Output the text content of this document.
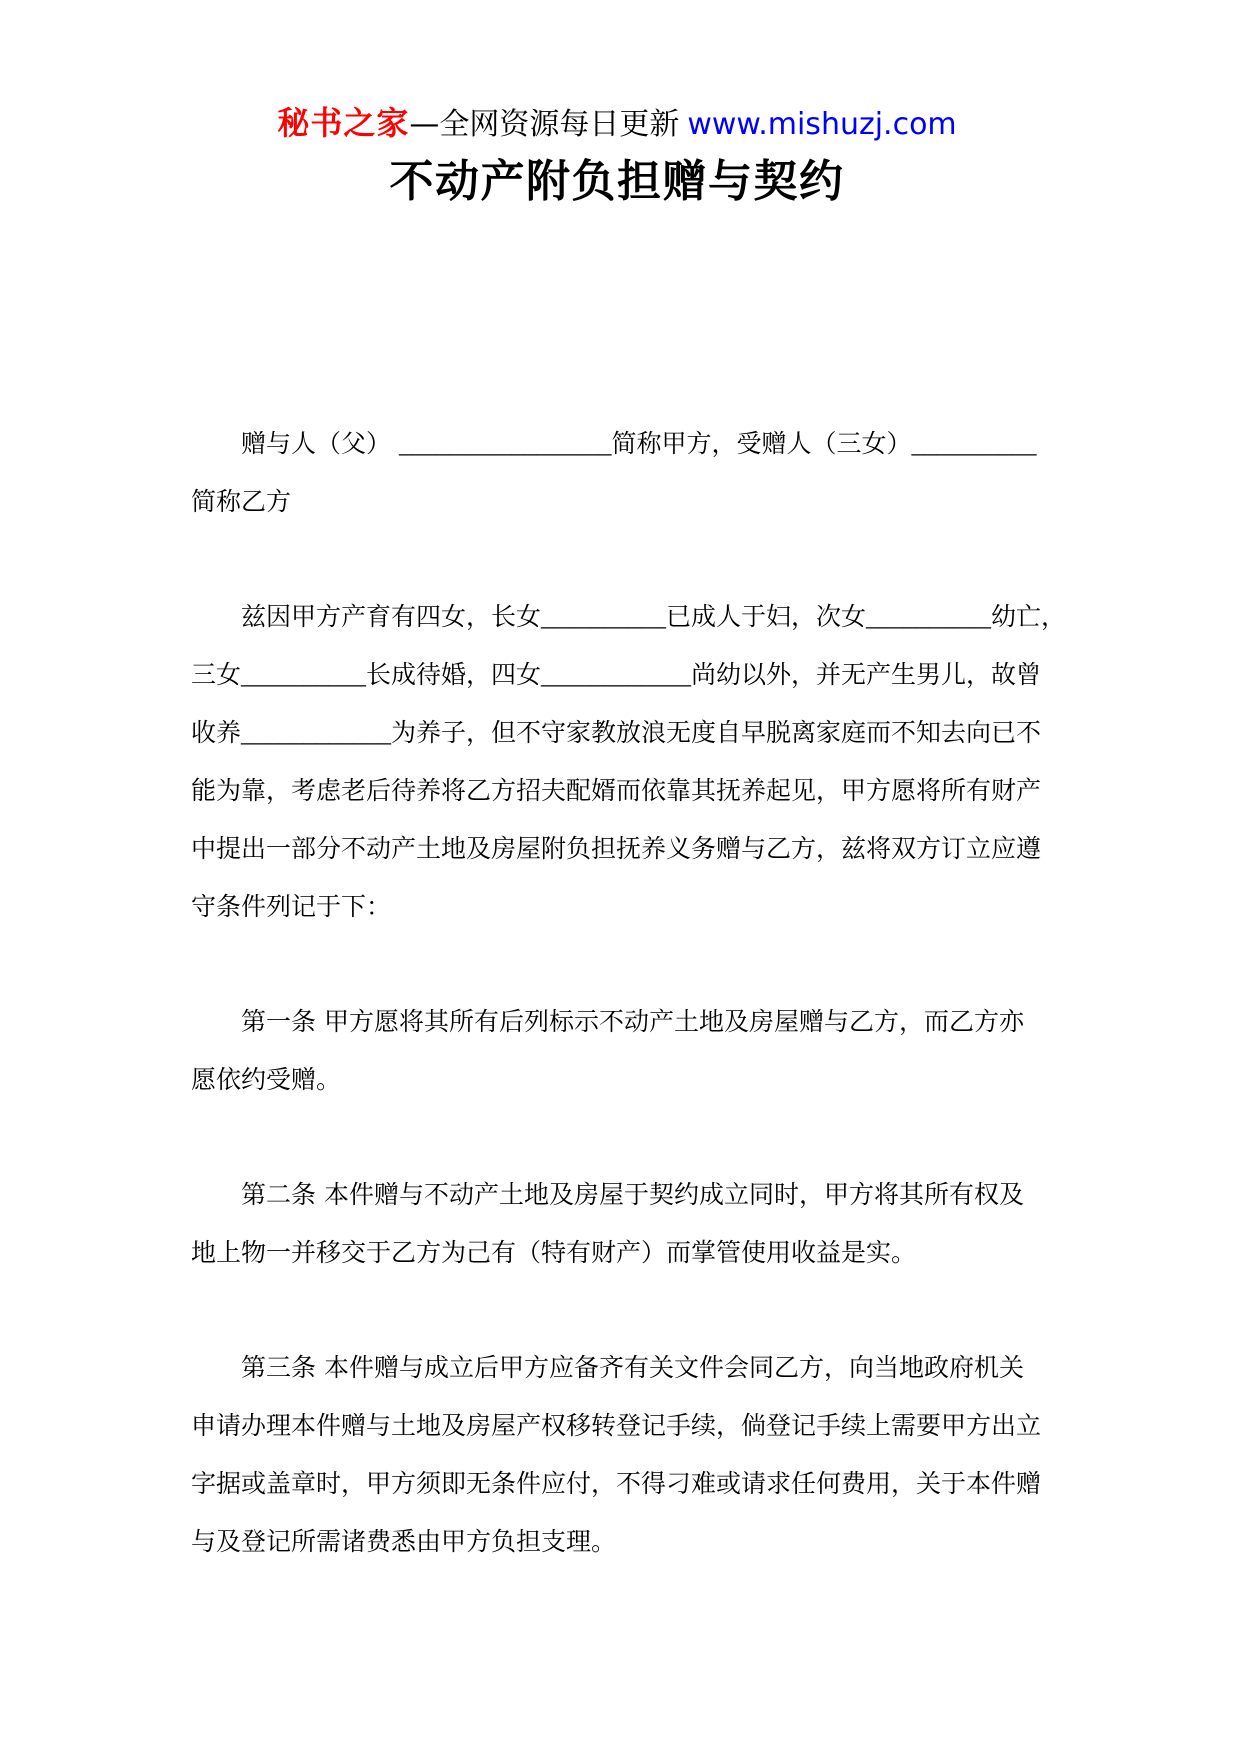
秘书之家—全网资源每日更新 www.mishuzj.com
不动产附负担赠与契约
赠与人（父） _________________简称甲方，受赠人（三女）__________
简称乙方
兹因甲方产育有四女，长女__________已成人于妇，次女__________幼亡，
三女__________长成待婚，四女____________尚幼以外，并无产生男儿，故曾
收养____________为养子，但不守家教放浪无度自早脱离家庭而不知去向已不
能为靠，考虑老后待养将乙方招夫配婿而依靠其抚养起见，甲方愿将所有财产
中提出一部分不动产土地及房屋附负担抚养义务赠与乙方，兹将双方订立应遵
守条件列记于下：
第一条 甲方愿将其所有后列标示不动产土地及房屋赠与乙方，而乙方亦
愿依约受赠。
第二条 本件赠与不动产土地及房屋于契约成立同时，甲方将其所有权及
地上物一并移交于乙方为己有（特有财产）而掌管使用收益是实。
第三条 本件赠与成立后甲方应备齐有关文件会同乙方，向当地政府机关
申请办理本件赠与土地及房屋产权移转登记手续，倘登记手续上需要甲方出立
字据或盖章时，甲方须即无条件应付，不得刁难或请求任何费用，关于本件赠
与及登记所需诸费悉由甲方负担支理。
